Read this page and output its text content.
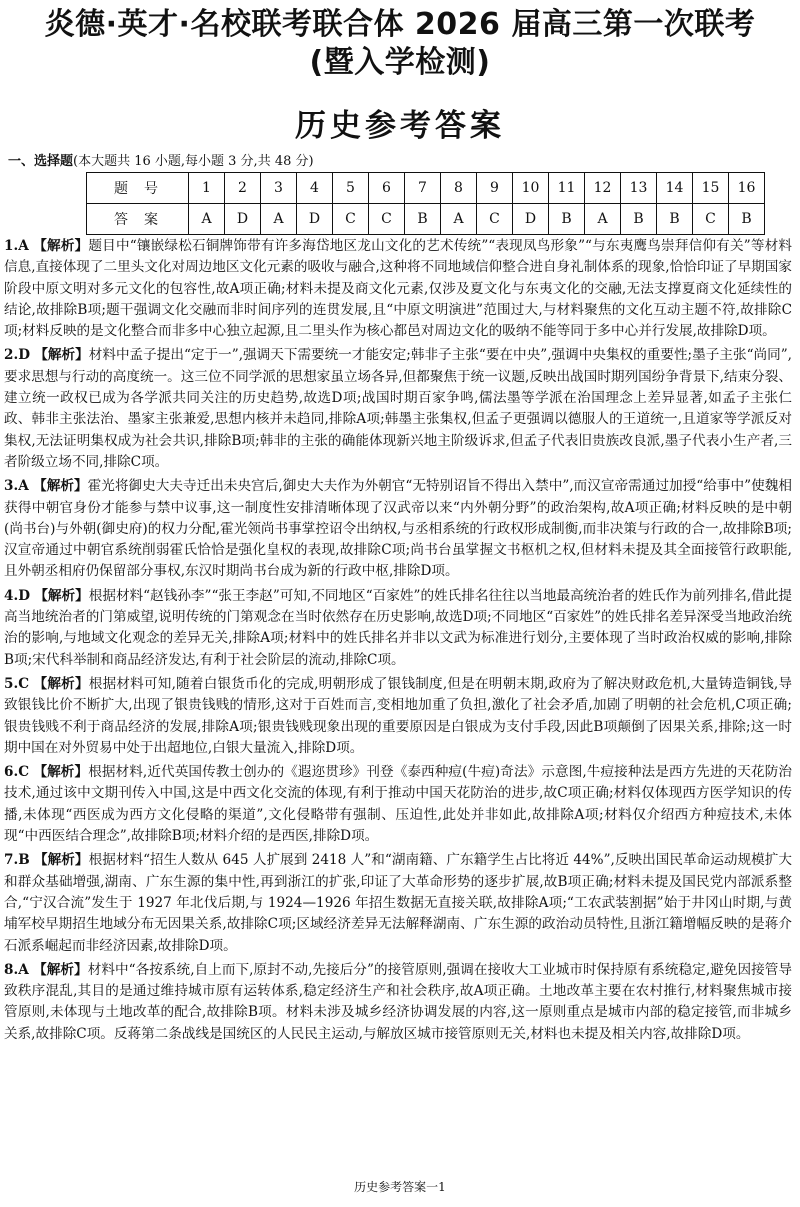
炎德·英才·名校联考联合体 2026 届高三第一次联考
(暨入学检测)
历史参考答案
一、选择题(本大题共 16 小题,每小题 3 分,共 48 分)
题号	1	2	3	4	5	6	7	8	9	10	11	12	13	14	15	16
答案	A	D	A	D	C	C	B	A	C	D	B	A	B	B	C	B

1.A 【解析】题目中“镶嵌绿松石铜牌饰带有许多海岱地区龙山文化的艺术传统”“表现凤鸟形象”“与东夷鹰鸟崇拜信仰有关”等材料信息,直接体现了二里头文化对周边地区文化元素的吸收与融合,这种将不同地域信仰整合进自身礼制体系的现象,恰恰印证了早期国家阶段中原文明对多元文化的包容性,故A项正确;材料未提及商文化元素,仅涉及夏文化与东夷文化的交融,无法支撑夏商文化延续性的结论,故排除B项;题干强调文化交融而非时间序列的连贯发展,且“中原文明演进”范围过大,与材料聚焦的文化互动主题不符,故排除C项;材料反映的是文化整合而非多中心独立起源,且二里头作为核心都邑对周边文化的吸纳不能等同于多中心并行发展,故排除D项。

2.D 【解析】材料中孟子提出“定于一”,强调天下需要统一才能安定;韩非子主张“要在中央”,强调中央集权的重要性;墨子主张“尚同”,要求思想与行动的高度统一。这三位不同学派的思想家虽立场各异,但都聚焦于统一议题,反映出战国时期列国纷争背景下,结束分裂、建立统一政权已成为各学派共同关注的历史趋势,故选D项;战国时期百家争鸣,儒法墨等学派在治国理念上差异显著,如孟子主张仁政、韩非主张法治、墨家主张兼爱,思想内核并未趋同,排除A项;韩墨主张集权,但孟子更强调以德服人的王道统一,且道家等学派反对集权,无法证明集权成为社会共识,排除B项;韩非的主张的确能体现新兴地主阶级诉求,但孟子代表旧贵族改良派,墨子代表小生产者,三者阶级立场不同,排除C项。

3.A 【解析】霍光将御史大夫寺迁出未央宫后,御史大夫作为外朝官“无特别诏旨不得出入禁中”,而汉宣帝需通过加授“给事中”使魏相获得中朝官身份才能参与禁中议事,这一制度性安排清晰体现了汉武帝以来“内外朝分野”的政治架构,故A项正确;材料反映的是中朝(尚书台)与外朝(御史府)的权力分配,霍光领尚书事掌控诏令出纳权,与丞相系统的行政权形成制衡,而非决策与行政的合一,故排除B项;汉宣帝通过中朝官系统削弱霍氏恰恰是强化皇权的表现,故排除C项;尚书台虽掌握文书枢机之权,但材料未提及其全面接管行政职能,且外朝丞相府仍保留部分事权,东汉时期尚书台成为新的行政中枢,排除D项。

4.D 【解析】根据材料“赵钱孙李”“张王李赵”可知,不同地区“百家姓”的姓氏排名往往以当地最高统治者的姓氏作为前列排名,借此提高当地统治者的门第威望,说明传统的门第观念在当时依然存在历史影响,故选D项;不同地区“百家姓”的姓氏排名差异深受当地政治统治的影响,与地域文化观念的差异无关,排除A项;材料中的姓氏排名并非以文武为标准进行划分,主要体现了当时政治权威的影响,排除B项;宋代科举制和商品经济发达,有利于社会阶层的流动,排除C项。

5.C 【解析】根据材料可知,随着白银货币化的完成,明朝形成了银钱制度,但是在明朝末期,政府为了解决财政危机,大量铸造铜钱,导致银钱比价不断扩大,出现了银贵钱贱的情形,这对于百姓而言,变相地加重了负担,激化了社会矛盾,加剧了明朝的社会危机,C项正确;银贵钱贱不利于商品经济的发展,排除A项;银贵钱贱现象出现的重要原因是白银成为支付手段,因此B项颠倒了因果关系,排除;这一时期中国在对外贸易中处于出超地位,白银大量流入,排除D项。

6.C 【解析】根据材料,近代英国传教士创办的《遐迩贯珍》刊登《泰西种痘(牛痘)奇法》示意图,牛痘接种法是西方先进的天花防治技术,通过该中文期刊传入中国,这是中西文化交流的体现,有利于推动中国天花防治的进步,故C项正确;材料仅体现西方医学知识的传播,未体现“西医成为西方文化侵略的渠道”,文化侵略带有强制、压迫性,此处并非如此,故排除A项;材料仅介绍西方种痘技术,未体现“中西医结合理念”,故排除B项;材料介绍的是西医,排除D项。

7.B 【解析】根据材料“招生人数从 645 人扩展到 2418 人”和“湖南籍、广东籍学生占比将近 44%”,反映出国民革命运动规模扩大和群众基础增强,湖南、广东生源的集中性,再到浙江的扩张,印证了大革命形势的逐步扩展,故B项正确;材料未提及国民党内部派系整合,“宁汉合流”发生于 1927 年北伐后期,与 1924—1926 年招生数据无直接关联,故排除A项;“工农武装割据”始于井冈山时期,与黄埔军校早期招生地域分布无因果关系,故排除C项;区域经济差异无法解释湖南、广东生源的政治动员特性,且浙江籍增幅反映的是蒋介石派系崛起而非经济因素,故排除D项。

8.A 【解析】材料中“各按系统,自上而下,原封不动,先接后分”的接管原则,强调在接收大工业城市时保持原有系统稳定,避免因接管导致秩序混乱,其目的是通过维持城市原有运转体系,稳定经济生产和社会秩序,故A项正确。土地改革主要在农村推行,材料聚焦城市接管原则,未体现与土地改革的配合,故排除B项。材料未涉及城乡经济协调发展的内容,这一原则重点是城市内部的稳定接管,而非城乡关系,故排除C项。反蒋第二条战线是国统区的人民民主运动,与解放区城市接管原则无关,材料也未提及相关内容,故排除D项。

历史参考答案一1
